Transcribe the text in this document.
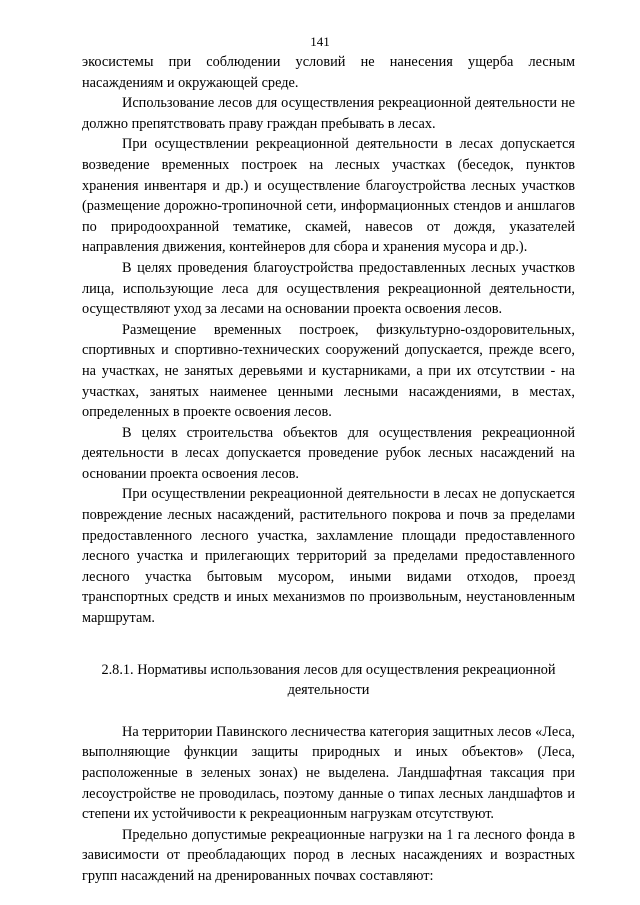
141

экосистемы при соблюдении условий не нанесения ущерба лесным насаждениям и окружающей среде.

Использование лесов для осуществления рекреационной деятельности не должно препятствовать праву граждан пребывать в лесах.

При осуществлении рекреационной деятельности в лесах допускается возведение временных построек на лесных участках (беседок, пунктов хранения инвентаря и др.) и осуществление благоустройства лесных участков (размещение дорожно-тропиночной сети, информационных стендов и аншлагов по природоохранной тематике, скамей, навесов от дождя, указателей направления движения, контейнеров для сбора и хранения мусора и др.).

В целях проведения благоустройства предоставленных лесных участков лица, использующие леса для осуществления рекреационной деятельности, осуществляют уход за лесами на основании проекта освоения лесов.

Размещение временных построек, физкультурно-оздоровительных, спортивных и спортивно-технических сооружений допускается, прежде всего, на участках, не занятых деревьями и кустарниками, а при их отсутствии - на участках, занятых наименее ценными лесными насаждениями, в местах, определенных в проекте освоения лесов.

В целях строительства объектов для осуществления рекреационной деятельности в лесах допускается проведение рубок лесных насаждений на основании проекта освоения лесов.

При осуществлении рекреационной деятельности в лесах не допускается повреждение лесных насаждений, растительного покрова и почв за пределами предоставленного лесного участка, захламление площади предоставленного лесного участка и прилегающих территорий за пределами предоставленного лесного участка бытовым мусором, иными видами отходов, проезд транспортных средств и иных механизмов по произвольным, неустановленным маршрутам.

2.8.1. Нормативы использования лесов для осуществления рекреационной деятельности

На территории Павинского лесничества категория защитных лесов «Леса, выполняющие функции защиты природных и иных объектов» (Леса, расположенные в зеленых зонах) не выделена. Ландшафтная таксация при лесоустройстве не проводилась, поэтому данные о типах лесных ландшафтов и степени их устойчивости к рекреационным нагрузкам отсутствуют.

Предельно допустимые рекреационные нагрузки на 1 га лесного фонда в зависимости от преобладающих пород в лесных насаждениях и возрастных групп насаждений на дренированных почвах составляют:
